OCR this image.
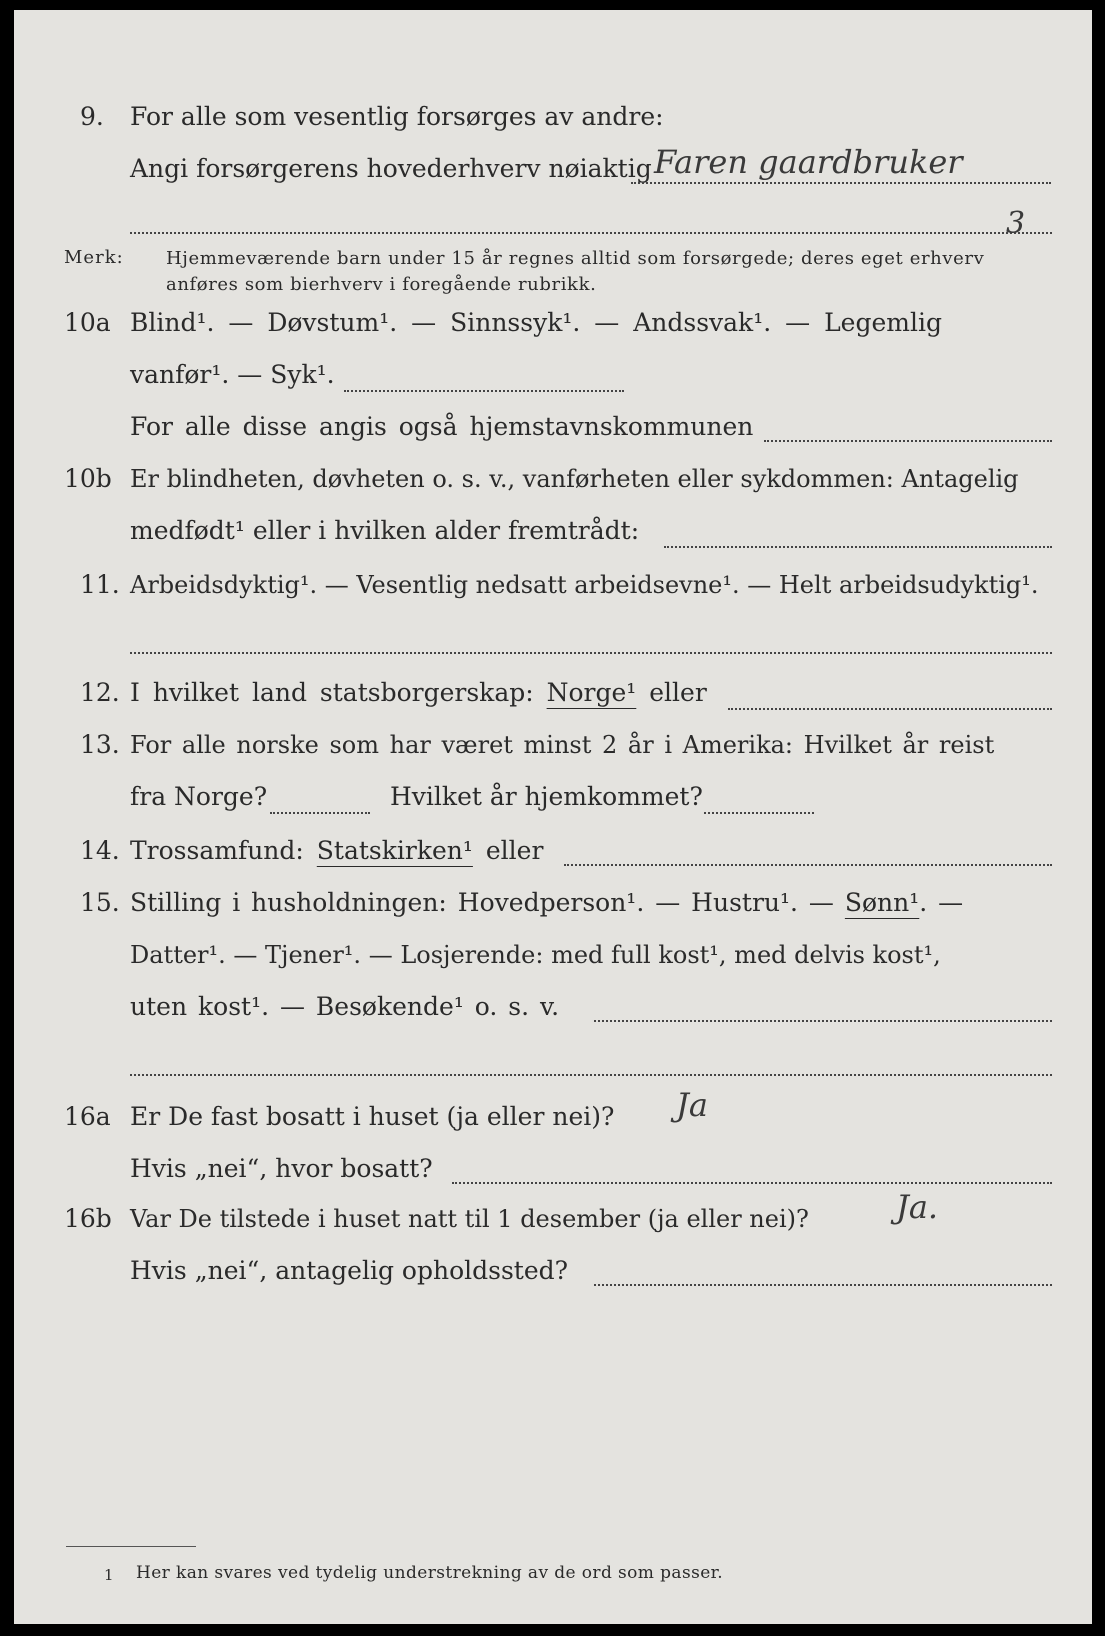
9. For alle som vesentlig forsørges av andre:
Angi forsørgerens hovederhverv nøiaktig Faren gaardbruker
3
Merk: Hjemmeværende barn under 15 år regnes alltid som forsørgede; deres eget erhverv
anføres som bierhverv i foregående rubrikk.
10a Blind¹. — Døvstum¹. — Sinnssyk¹. — Andssvak¹. — Legemlig
vanfør¹. — Syk¹.
For alle disse angis også hjemstavnskommunen
10b Er blindheten, døvheten o. s. v., vanførheten eller sykdommen: Antagelig
medfødt¹ eller i hvilken alder fremtrådt:
11. Arbeidsdyktig¹. — Vesentlig nedsatt arbeidsevne¹. — Helt arbeidsudyktig¹.
12. I hvilket land statsborgerskap: Norge¹ eller
13. For alle norske som har været minst 2 år i Amerika: Hvilket år reist
fra Norge?	Hvilket år hjemkommet?
14. Trossamfund: Statskirken¹ eller
15. Stilling i husholdningen: Hovedperson¹. — Hustru¹. — Sønn¹. —
Datter¹. — Tjener¹. — Losjerende: med full kost¹, med delvis kost¹,
uten kost¹. — Besøkende¹ o. s. v.
16a Er De fast bosatt i huset (ja eller nei)? Ja
Hvis „nei“, hvor bosatt?
16b Var De tilstede i huset natt til 1 desember (ja eller nei)?	Ja.
Hvis „nei“, antagelig opholdssted?
1 Her kan svares ved tydelig understrekning av de ord som passer.
